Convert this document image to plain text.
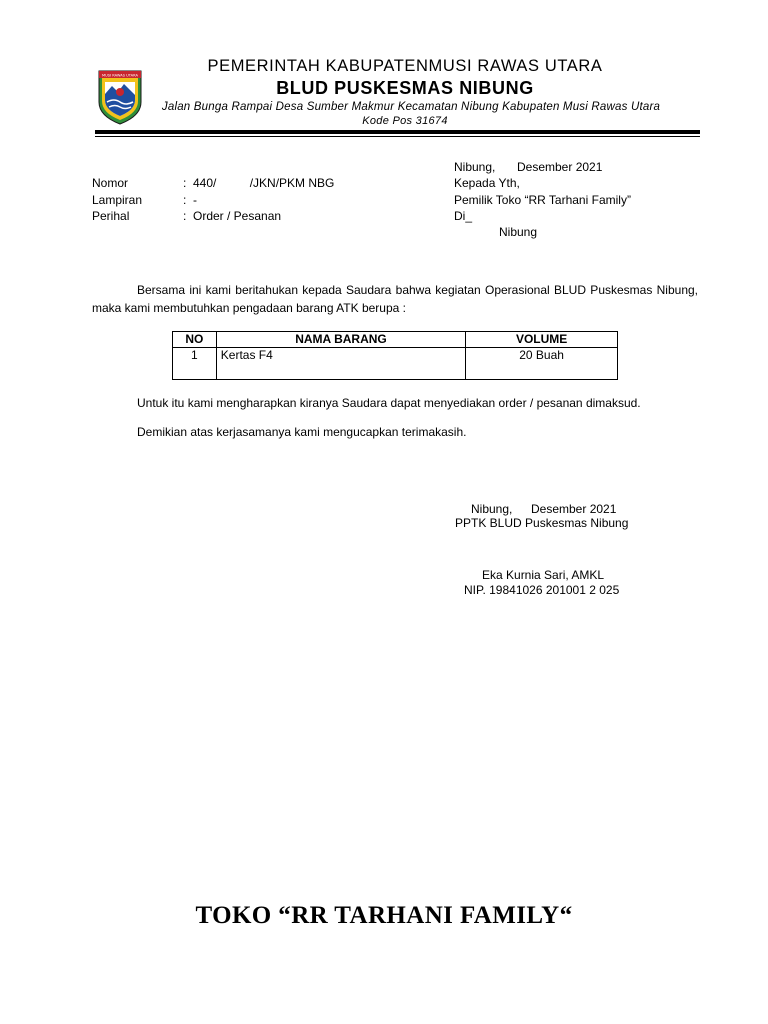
MUSI RAWAS UTARA
PEMERINTAH KABUPATENMUSI RAWAS UTARA
BLUD PUSKESMAS NIBUNG
Jalan Bunga Rampai Desa Sumber Makmur Kecamatan Nibung Kabupaten Musi Rawas Utara
Kode Pos 31674
Nibung, Desember 2021
Nomor	:  440/          /JKN/PKM NBG
Lampiran	:  -
Perihal	:  Order / Pesanan
Kepada Yth,
Pemilik Toko “RR Tarhani Family”
Di_
Nibung
Bersama ini kami beritahukan kepada Saudara bahwa kegiatan Operasional BLUD Puskesmas Nibung, maka kami membutuhkan pengadaan barang ATK berupa :
NO	NAMA BARANG	VOLUME
1	Kertas F4	20 Buah
Untuk itu kami mengharapkan kiranya Saudara dapat menyediakan order / pesanan dimaksud.
Demikian atas kerjasamanya kami mengucapkan terimakasih.
Nibung, Desember 2021
PPTK BLUD Puskesmas Nibung
Eka Kurnia Sari, AMKL
NIP. 19841026 201001 2 025
TOKO “RR TARHANI FAMILY“
